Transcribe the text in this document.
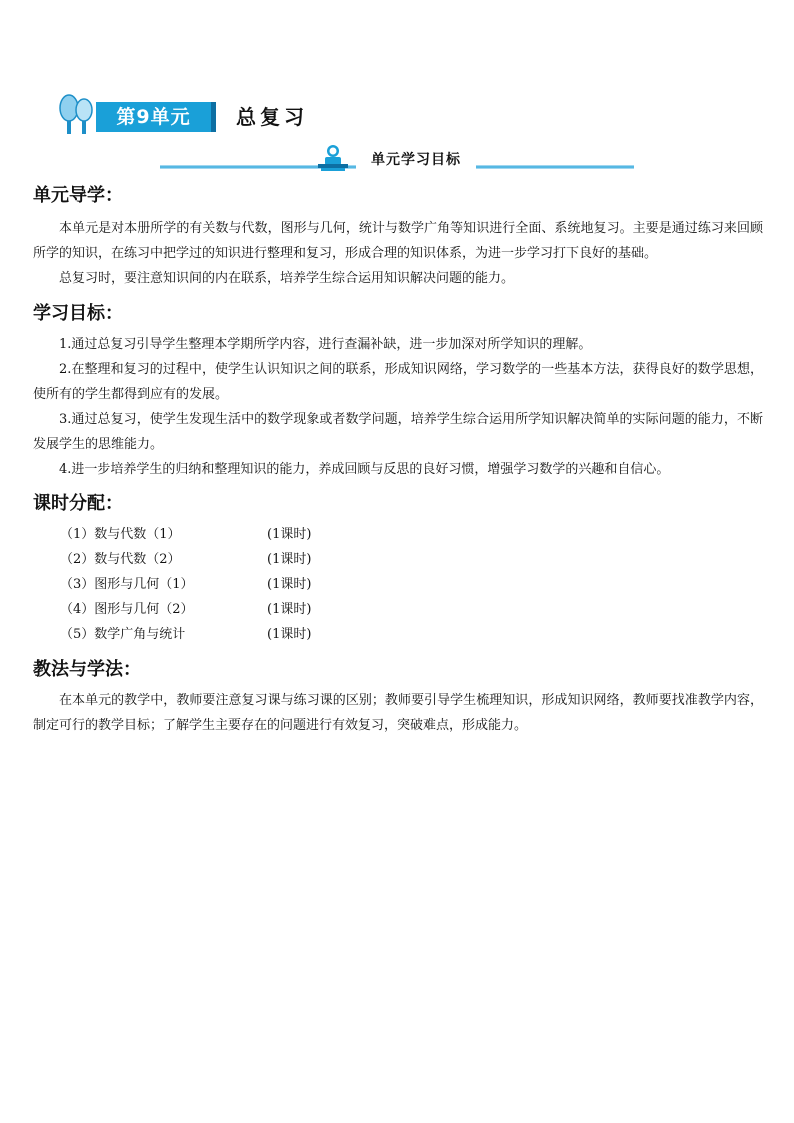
第9单元	总复习
单元学习目标
单元导学：

本单元是对本册所学的有关数与代数，图形与几何，统计与数学广角等知识进行全面、系统地复习。主要是通过练习来回顾所学的知识，在练习中把学过的知识进行整理和复习，形成合理的知识体系，为进一步学习打下良好的基础。

总复习时，要注意知识间的内在联系，培养学生综合运用知识解决问题的能力。

学习目标：

1.通过总复习引导学生整理本学期所学内容，进行查漏补缺，进一步加深对所学知识的理解。

2.在整理和复习的过程中，使学生认识知识之间的联系，形成知识网络，学习数学的一些基本方法，获得良好的数学思想，使所有的学生都得到应有的发展。

3.通过总复习，使学生发现生活中的数学现象或者数学问题，培养学生综合运用所学知识解决简单的实际问题的能力，不断发展学生的思维能力。

4.进一步培养学生的归纳和整理知识的能力，养成回顾与反思的良好习惯，增强学习数学的兴趣和自信心。

课时分配：
（1）数与代数（1）	(1课时)
（2）数与代数（2）	(1课时)
（3）图形与几何（1）	(1课时)
（4）图形与几何（2）	(1课时)
（5）数学广角与统计	(1课时)
教法与学法：

在本单元的教学中，教师要注意复习课与练习课的区别；教师要引导学生梳理知识，形成知识网络，教师要找准教学内容，制定可行的教学目标；了解学生主要存在的问题进行有效复习，突破难点，形成能力。
